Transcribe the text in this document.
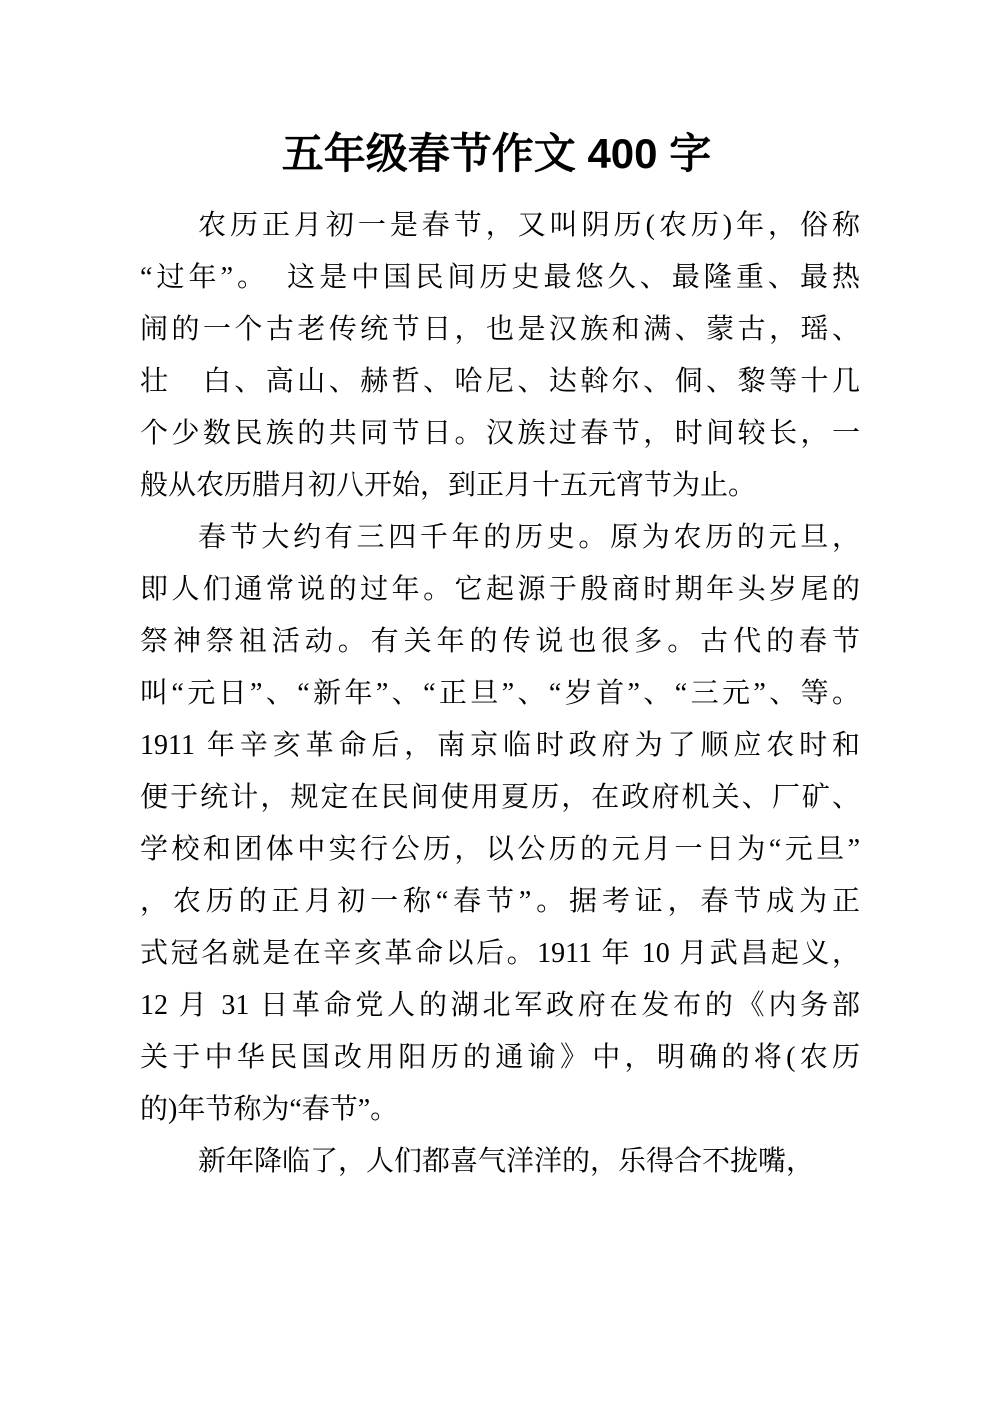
五年级春节作文 400 字
农历正月初一是春节，又叫阴历(农历)年，俗称
“过年”。　这是中国民间历史最悠久、最隆重、最热
闹的一个古老传统节日，也是汉族和满、蒙古，瑶、
壮　白、高山、赫哲、哈尼、达斡尔、侗、黎等十几
个少数民族的共同节日。汉族过春节，时间较长，一
般从农历腊月初八开始，到正月十五元宵节为止。
春节大约有三四千年的历史。原为农历的元旦，
即人们通常说的过年。它起源于殷商时期年头岁尾的
祭神祭祖活动。有关年的传说也很多。古代的春节
叫“元日”、“新年”、“正旦”、“岁首”、“三元”、等。
1911 年辛亥革命后，南京临时政府为了顺应农时和
便于统计，规定在民间使用夏历，在政府机关、厂矿、
学校和团体中实行公历，以公历的元月一日为“元旦”
，农历的正月初一称“春节”。据考证，春节成为正
式冠名就是在辛亥革命以后。1911 年 10 月武昌起义，
12 月 31 日革命党人的湖北军政府在发布的《内务部
关于中华民国改用阳历的通谕》中，明确的将(农历
的)年节称为“春节”。
新年降临了，人们都喜气洋洋的，乐得合不拢嘴，
